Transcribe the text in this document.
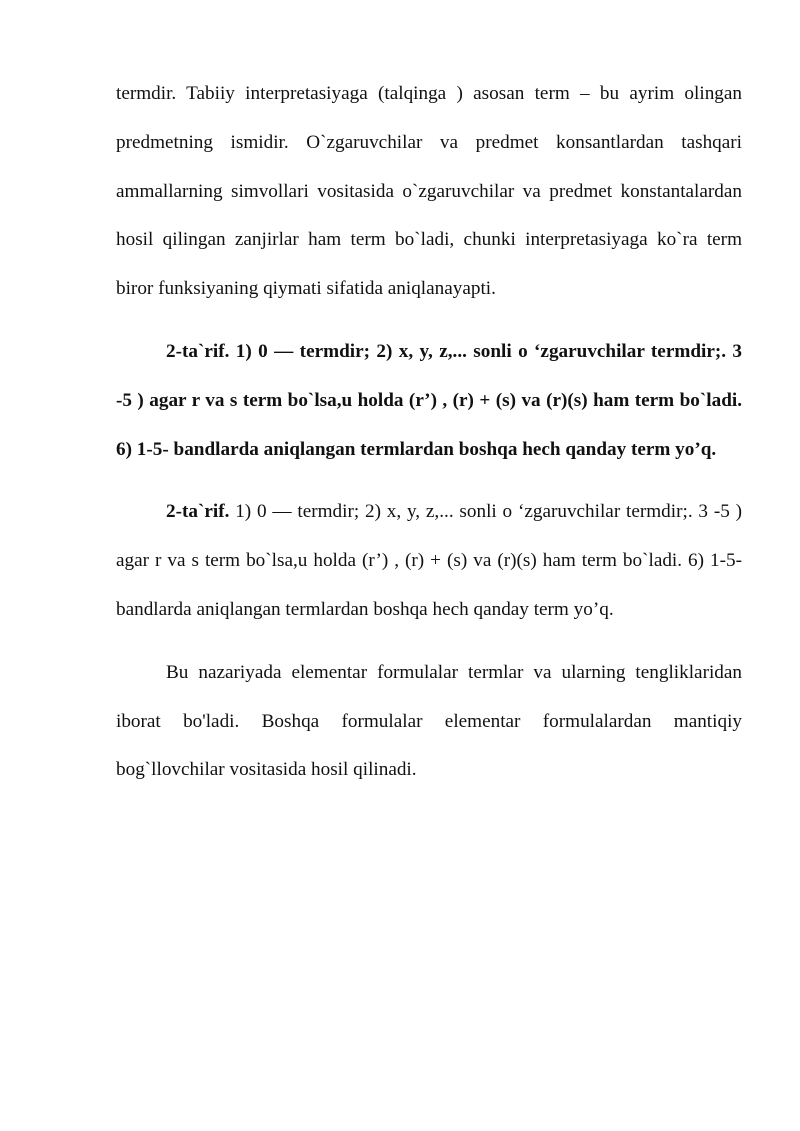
termdir. Tabiiy interpretasiyaga (talqinga ) asosan term – bu ayrim olingan predmetning ismidir. O`zgaruvchilar va predmet konsantlardan tashqari ammallarning simvollari vositasida o`zgaruvchilar va predmet konstantalardan hosil qilingan zanjirlar ham term bo`ladi, chunki interpretasiyaga ko`ra term biror funksiyaning qiymati sifatida aniqlanayapti.

2-ta`rif. 1) 0 — termdir; 2) x, y, z,... sonli o ‘zgaruvchilar termdir;. 3 -5 ) agar r va s term bo`lsa,u holda (r’) , (r) + (s) va (r)(s) ham term bo`ladi. 6) 1-5- bandlarda aniqlangan termlardan boshqa hech qanday term yo’q.

2-ta`rif. 1) 0 — termdir; 2) x, y, z,... sonli o ‘zgaruvchilar termdir;. 3 -5 ) agar r va s term bo`lsa,u holda (r’) , (r) + (s) va (r)(s) ham term bo`ladi. 6) 1-5- bandlarda aniqlangan termlardan boshqa hech qanday term yo’q.

Bu nazariyada elementar formulalar termlar va ularning tengliklaridan iborat bo'ladi. Boshqa formulalar elementar formulalardan mantiqiy bog`llovchilar vositasida hosil qilinadi.
